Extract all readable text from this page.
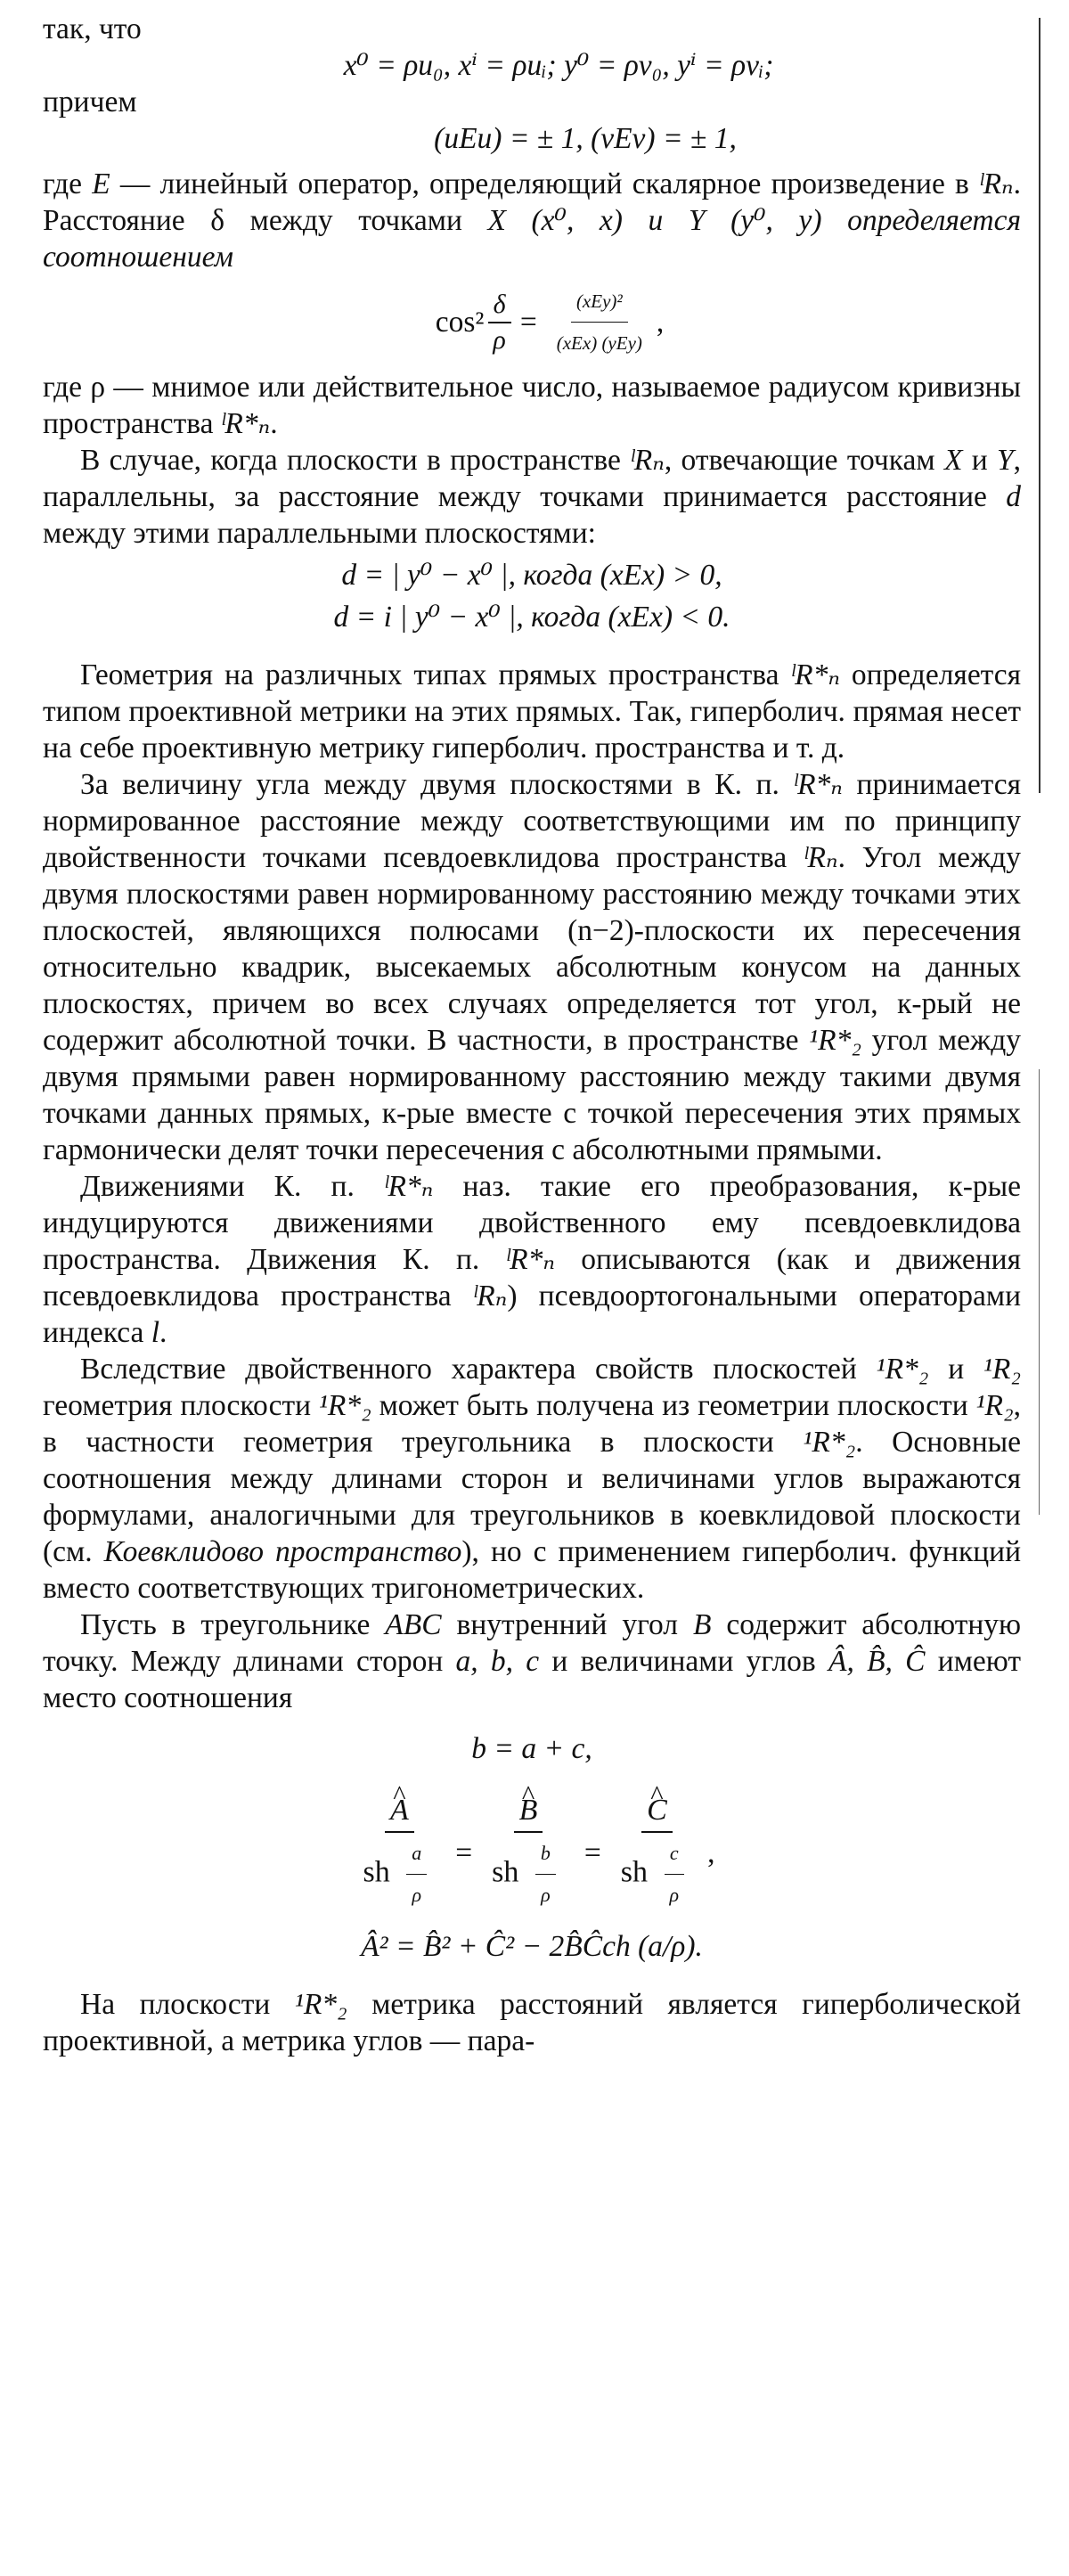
так, что
x⁰ = ρu₀, xⁱ = ρuᵢ; y⁰ = ρv₀, yⁱ = ρvᵢ;
причем
(uEu) = ± 1, (vEv) = ± 1,

где E — линейный оператор, определяющий скалярное произведение в ˡRₙ. Расстояние δ между точками X (x⁰, x) и Y (y⁰, y) определяется соотношением

$\cos^2 \frac{\delta}{\rho} = \frac{\text{(xEy)²}}{\text{(xEx) (yEy)}}$ ,

где ρ — мнимое или действительное число, называемое радиусом кривизны пространства ˡR*ₙ.

В случае, когда плоскости в пространстве ˡRₙ, отвечающие точкам X и Y, параллельны, за расстояние между точками принимается расстояние d между этими параллельными плоскостями:

d = | y⁰ − x⁰ |, когда (xEx) > 0,
d = i | y⁰ − x⁰ |, когда (xEx) < 0.

Геометрия на различных типах прямых пространства ˡR*ₙ определяется типом проективной метрики на этих прямых. Так, гиперболич. прямая несет на себе проективную метрику гиперболич. пространства и т. д.

За величину угла между двумя плоскостями в К. п. ˡR*ₙ принимается нормированное расстояние между соответствующими им по принципу двойственности точками псевдоевклидова пространства ˡRₙ. Угол между двумя плоскостями равен нормированному расстоянию между точками этих плоскостей, являющихся полюсами (n−2)-плоскости их пересечения относительно квадрик, высекаемых абсолютным конусом на данных плоскостях, причем во всех случаях определяется тот угол, к-рый не содержит абсолютной точки. В частности, в пространстве ¹R*₂ угол между двумя прямыми равен нормированному расстоянию между такими двумя точками данных прямых, к-рые вместе с точкой пересечения этих прямых гармонически делят точки пересечения с абсолютными прямыми.

Движениями К. п. ˡR*ₙ наз. такие его преобразования, к-рые индуцируются движениями двойственного ему псевдоевклидова пространства. Движения К. п. ˡR*ₙ описываются (как и движения псевдоевклидова пространства ˡRₙ) псевдоортогональными операторами индекса l.

Вследствие двойственного характера свойств плоскостей ¹R*₂ и ¹R₂ геометрия плоскости ¹R*₂ может быть получена из геометрии плоскости ¹R₂, в частности геометрия треугольника в плоскости ¹R*₂. Основные соотношения между длинами сторон и величинами углов выражаются формулами, аналогичными для треугольников в коевклидовой плоскости (см. Коевклидово пространство), но с применением гиперболич. функций вместо соответствующих тригонометрических.

Пусть в треугольнике ABC внутренний угол B содержит абсолютную точку. Между длинами сторон a, b, c и величинами углов Â, B̂, Ĉ имеют место соотношения

b = a + c,
^ $\frac{A}{sh \frac{a}{\rho}}$ = ^ $\frac{B}{sh \frac{b}{\rho}}$ = ^ $\frac{C}{sh \frac{c}{\rho}}$ ,
Â² = B̂² + Ĉ² − 2B̂Ĉch (a/ρ).

На плоскости ¹R*₂ метрика расстояний является гиперболической проективной, а метрика углов — пара-
